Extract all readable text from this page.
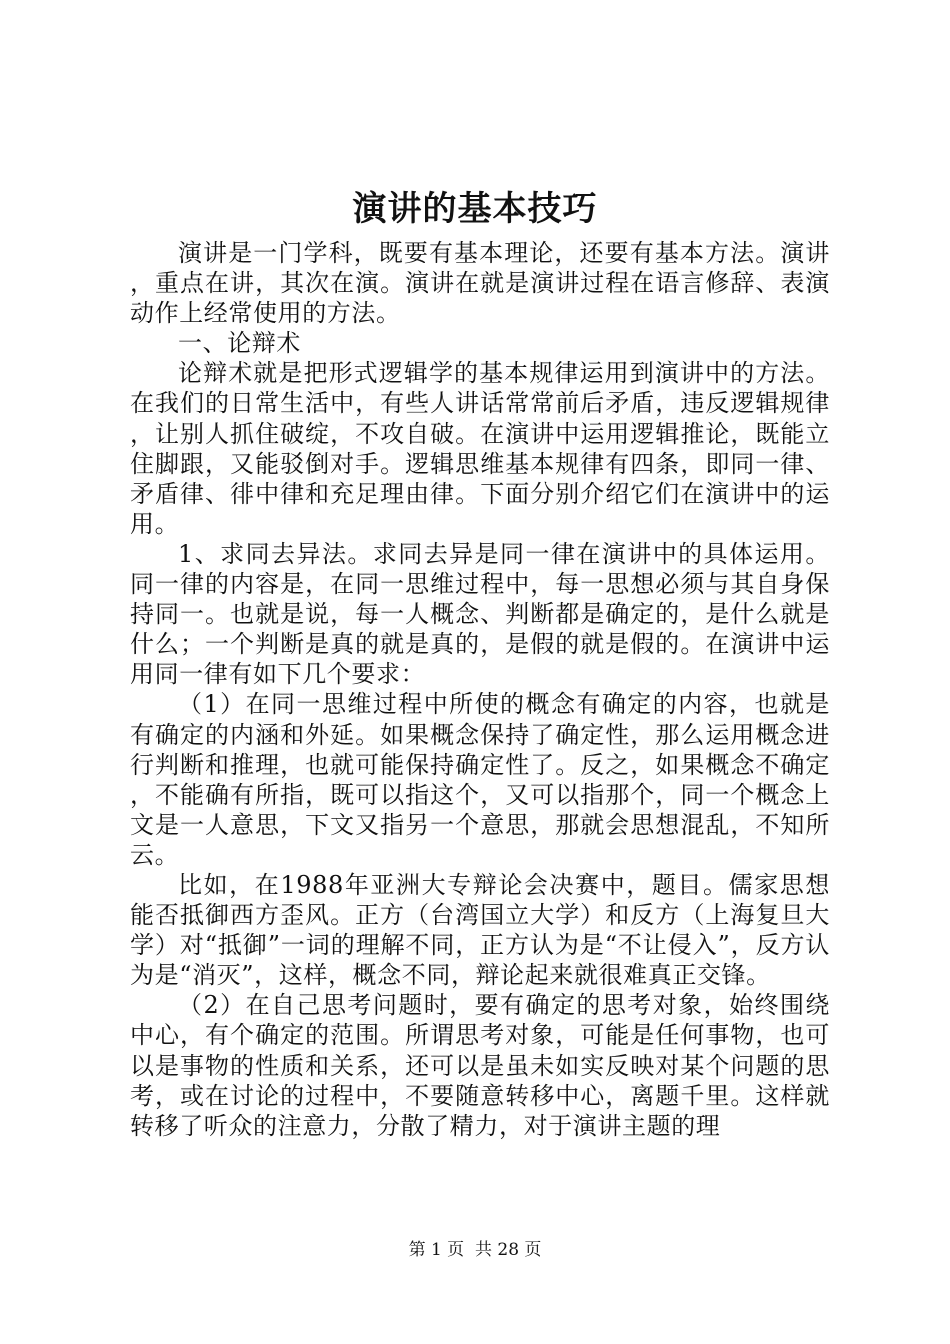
演讲的基本技巧

演讲是一门学科，既要有基本理论，还要有基本方法。演讲，重点在讲，其次在演。演讲在就是演讲过程在语言修辞、表演动作上经常使用的方法。

一、论辩术

论辩术就是把形式逻辑学的基本规律运用到演讲中的方法。在我们的日常生活中，有些人讲话常常前后矛盾，违反逻辑规律，让别人抓住破绽，不攻自破。在演讲中运用逻辑推论，既能立住脚跟，又能驳倒对手。逻辑思维基本规律有四条，即同一律、矛盾律、徘中律和充足理由律。下面分别介绍它们在演讲中的运用。

1、求同去异法。求同去异是同一律在演讲中的具体运用。同一律的内容是，在同一思维过程中，每一思想必须与其自身保持同一。也就是说，每一人概念、判断都是确定的，是什么就是什么；一个判断是真的就是真的，是假的就是假的。在演讲中运用同一律有如下几个要求：

（1）在同一思维过程中所使的概念有确定的内容，也就是有确定的内涵和外延。如果概念保持了确定性，那么运用概念进行判断和推理，也就可能保持确定性了。反之，如果概念不确定，不能确有所指，既可以指这个，又可以指那个，同一个概念上文是一人意思，下文又指另一个意思，那就会思想混乱，不知所云。

比如，在1988年亚洲大专辩论会决赛中，题目。儒家思想能否抵御西方歪风。正方（台湾国立大学）和反方（上海复旦大学）对“抵御”一词的理解不同，正方认为是“不让侵入”，反方认为是“消灭”，这样，概念不同，辩论起来就很难真正交锋。

（2）在自己思考问题时，要有确定的思考对象，始终围绕中心，有个确定的范围。所谓思考对象，可能是任何事物，也可以是事物的性质和关系，还可以是虽未如实反映对某个问题的思考，或在讨论的过程中，不要随意转移中心，离题千里。这样就转移了听众的注意力，分散了精力，对于演讲主题的理

第 1 页  共 28 页
